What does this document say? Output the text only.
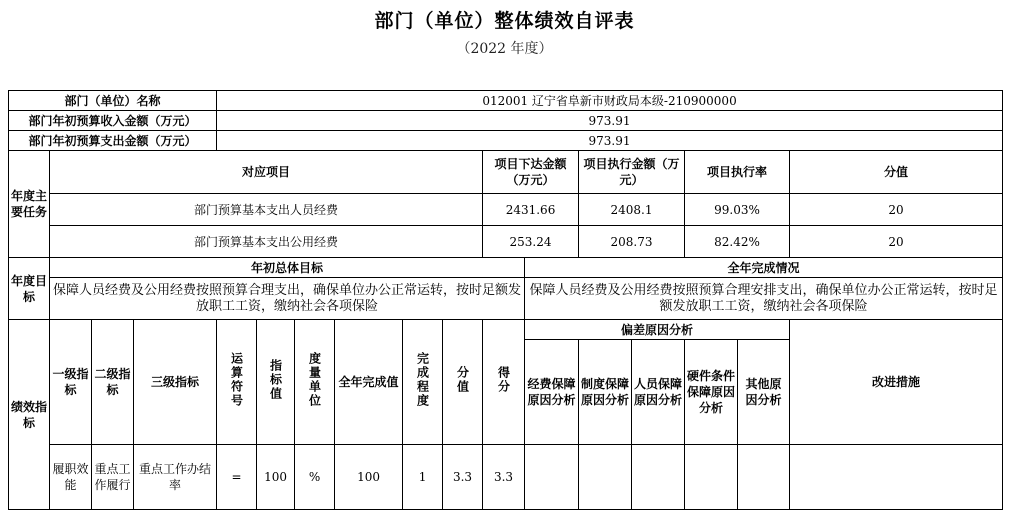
部门（单位）整体绩效自评表
（2022 年度）
部门（单位）名称				012001 辽宁省阜新市财政局本级-210900000													
部门年初预算收入金额（万元）				973.91													
部门年初预算支出金额（万元）				973.91													
年度主要任务	对应项目									项目下达金额（万元）		项目执行金额（万元）		项目执行率		分值	
	部门预算基本支出人员经费									2431.66		2408.1		99.03%		20	
	部门预算基本支出公用经费									253.24		208.73		82.42%		20	
年度目标	年初总体目标										全年完成情况						
	保障人员经费及公用经费按照预算合理支出，确保单位办公正常运转，按时足额发放职工工资，缴纳社会各项保险										保障人员经费及公用经费按照预算合理安排支出，确保单位办公正常运转，按时足额发放职工工资，缴纳社会各项保险						
绩效指标	一级指标	二级指标	三级指标	运算符号	指标值	度量单位	全年完成值	完成程度	分值	得分	偏差原因分析					改进措施	
											经费保障原因分析	制度保障原因分析	人员保障原因分析	硬件条件保障原因分析	其他原因分析		
	履职效能	重点工作履行	重点工作办结率	=	100	%	100	1	3.3	3.3							
